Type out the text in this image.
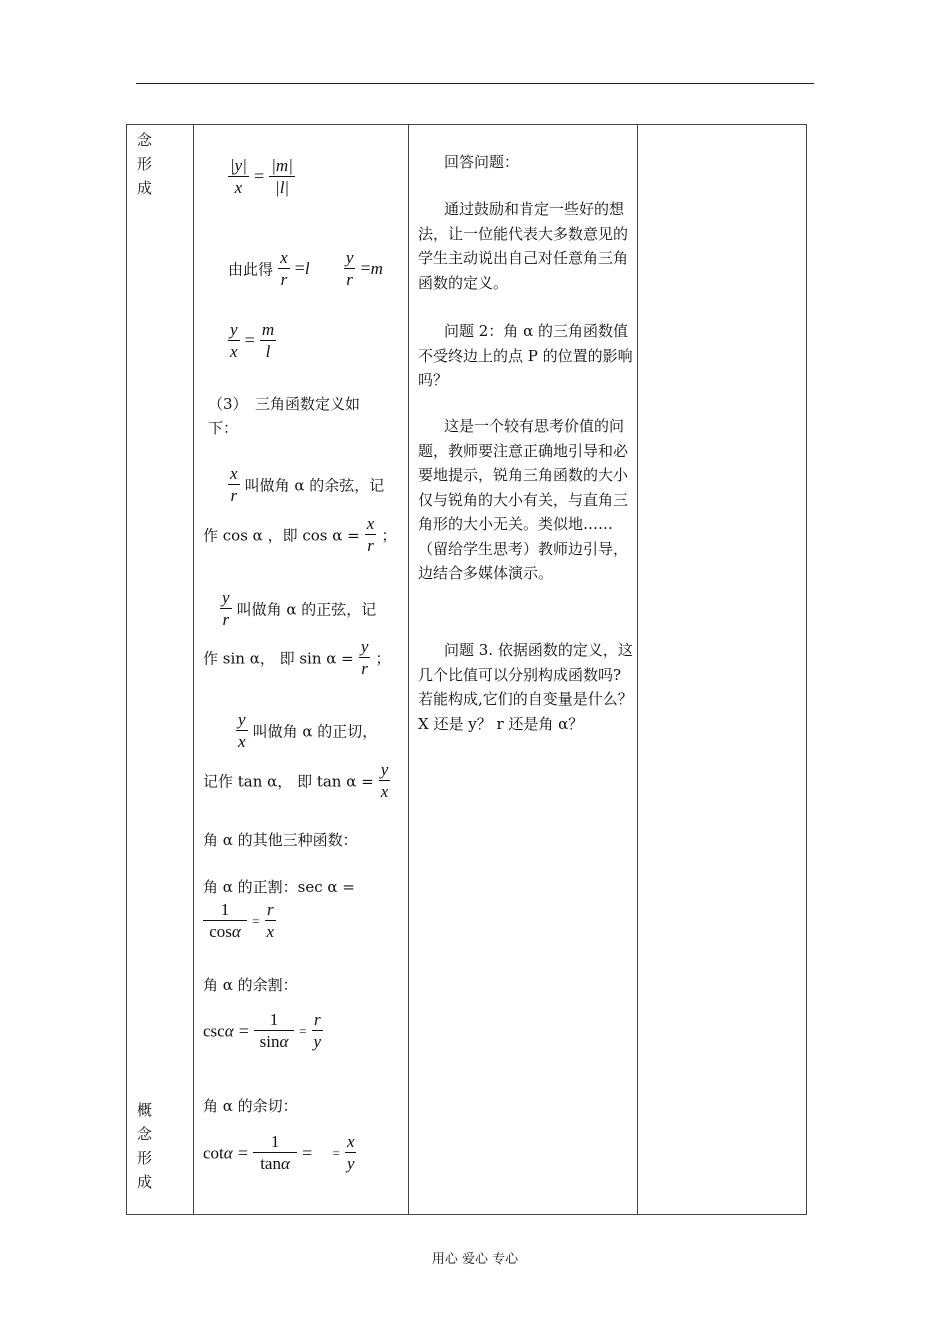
念
形
成
概
念
形
成
$\frac{|y|}{x} = \frac{|m|}{|l|}$
由此得 $\frac{x}{r} =l \frac{y}{r} =m$
$\frac{y}{x} = \frac{m}{l}$
（3）　三角函数定义如下：
$\frac{x}{r}$ 叫做角 α 的余弦，记
作 cos α ，即 $\cos \alpha = \frac{x}{r}$ ；
$\frac{y}{r}$ 叫做角 α 的正弦，记
作 sin α， 即 $\sin \alpha = \frac{y}{r}$ ；
$\frac{y}{x}$ 叫做角 α 的正切，
记作 tan α， 即 $\tan \alpha = \frac{y}{x}$
角 α 的其他三种函数：
角 α 的正割：sec α =
$\frac{1}{\cos\alpha} = \frac{r}{x}$
角 α 的余割：
$\csc\alpha = \frac{1}{\sin\alpha} = \frac{r}{y}$
角 α 的余切：
$\cot\alpha = \frac{1}{\tan\alpha}$ = = $\frac{x}{y}$
回答问题：
通过鼓励和肯定一些好的想法，让一位能代表大多数意见的学生主动说出自己对任意角三角函数的定义。
问题 2：角 α 的三角函数值不受终边上的点 P 的位置的影响吗？
这是一个较有思考价值的问题，教师要注意正确地引导和必要地提示，锐角三角函数的大小仅与锐角的大小有关，与直角三角形的大小无关。类似地……（留给学生思考）教师边引导，边结合多媒体演示。
问题 3. 依据函数的定义，这几个比值可以分别构成函数吗?若能构成,它们的自变量是什么？ X 还是 y？ r 还是角 α？
用心 爱心 专心
